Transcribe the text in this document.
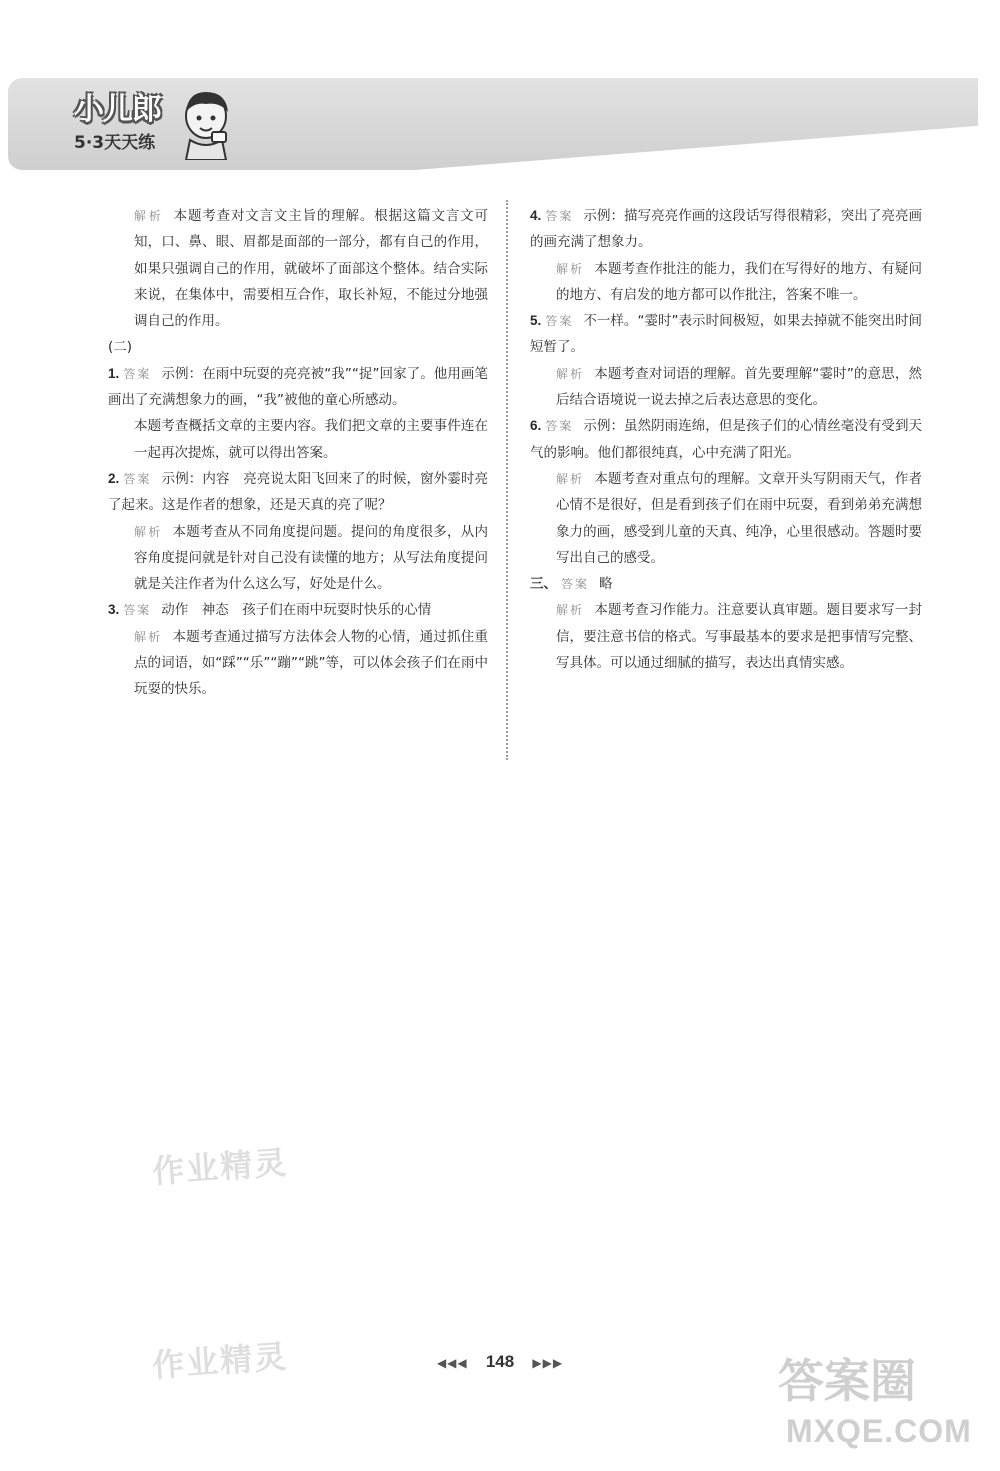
小儿郎
5·3天天练

解析 本题考查对文言文主旨的理解。根据这篇文言文可知，口、鼻、眼、眉都是面部的一部分，都有自己的作用，如果只强调自己的作用，就破坏了面部这个整体。结合实际来说，在集体中，需要相互合作，取长补短，不能过分地强调自己的作用。

(二)

1. 答案 示例：在雨中玩耍的亮亮被“我”“捉”回家了。他用画笔画出了充满想象力的画，“我”被他的童心所感动。

本题考查概括文章的主要内容。我们把文章的主要事件连在一起再次提炼，就可以得出答案。

2. 答案 示例：内容　亮亮说太阳飞回来了的时候，窗外霎时亮了起来。这是作者的想象，还是天真的亮了呢？

解析 本题考查从不同角度提问题。提问的角度很多，从内容角度提问就是针对自己没有读懂的地方；从写法角度提问就是关注作者为什么这么写，好处是什么。

3. 答案 动作　神态　孩子们在雨中玩耍时快乐的心情

解析 本题考查通过描写方法体会人物的心情，通过抓住重点的词语，如“踩”“乐”“蹦”“跳”等，可以体会孩子们在雨中玩耍的快乐。

4. 答案 示例：描写亮亮作画的这段话写得很精彩，突出了亮亮画的画充满了想象力。

解析 本题考查作批注的能力，我们在写得好的地方、有疑问的地方、有启发的地方都可以作批注，答案不唯一。

5. 答案 不一样。“霎时”表示时间极短，如果去掉就不能突出时间短暂了。

解析 本题考查对词语的理解。首先要理解“霎时”的意思，然后结合语境说一说去掉之后表达意思的变化。

6. 答案 示例：虽然阴雨连绵，但是孩子们的心情丝毫没有受到天气的影响。他们都很纯真，心中充满了阳光。

解析 本题考查对重点句的理解。文章开头写阴雨天气，作者心情不是很好，但是看到孩子们在雨中玩耍，看到弟弟充满想象力的画，感受到儿童的天真、纯净，心里很感动。答题时要写出自己的感受。

三、 答案 略

解析 本题考查习作能力。注意要认真审题。题目要求写一封信，要注意书信的格式。写事最基本的要求是把事情写完整、写具体。可以通过细腻的描写，表达出真情实感。

作业精灵
作业精灵	◀◀◀ 148 ▶▶▶	答案圈
MXQE.COM
